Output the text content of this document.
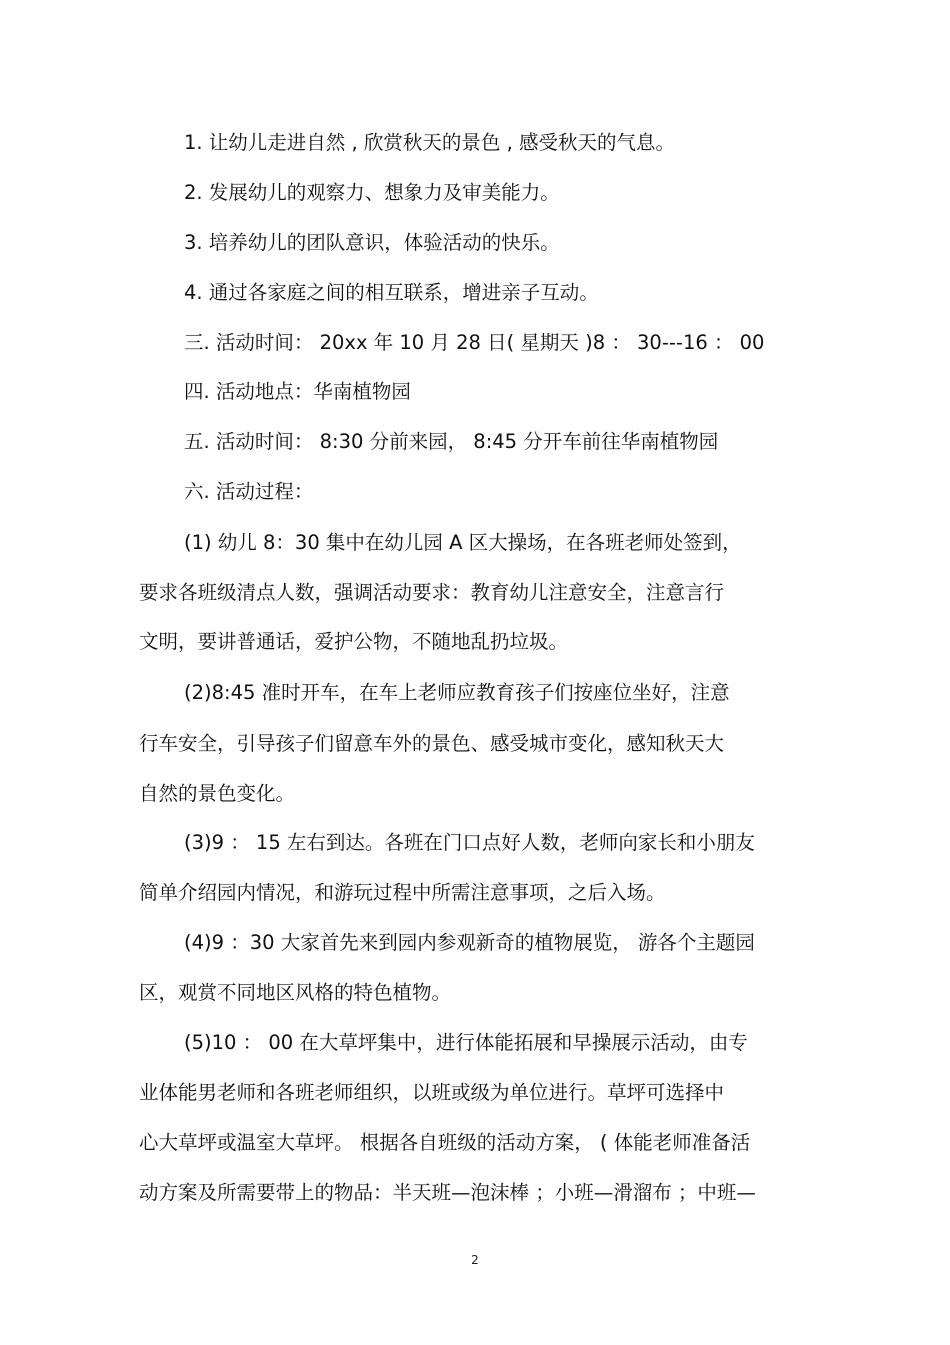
1. 让幼儿走进自然 , 欣赏秋天的景色 , 感受秋天的气息。
2. 发展幼儿的观察力、想象力及审美能力。
3. 培养幼儿的团队意识，体验活动的快乐。
4. 通过各家庭之间的相互联系，增进亲子互动。
三. 活动时间： 20xx 年 10 月 28 日( 星期天 )8 ： 30---16 ： 00
四. 活动地点：华南植物园
五. 活动时间： 8:30 分前来园， 8:45 分开车前往华南植物园
六. 活动过程：
(1) 幼儿 8：30 集中在幼儿园 A 区大操场，在各班老师处签到，
要求各班级清点人数，强调活动要求：教育幼儿注意安全，注意言行
文明，要讲普通话，爱护公物，不随地乱扔垃圾。
(2)8:45 准时开车，在车上老师应教育孩子们按座位坐好，注意
行车安全，引导孩子们留意车外的景色、感受城市变化，感知秋天大
自然的景色变化。
(3)9 ： 15 左右到达。各班在门口点好人数，老师向家长和小朋友
简单介绍园内情况，和游玩过程中所需注意事项，之后入场。
(4)9 ：30 大家首先来到园内参观新奇的植物展览， 游各个主题园
区，观赏不同地区风格的特色植物。
(5)10 ： 00 在大草坪集中，进行体能拓展和早操展示活动，由专
业体能男老师和各班老师组织，以班或级为单位进行。草坪可选择中
心大草坪或温室大草坪。 根据各自班级的活动方案， ( 体能老师准备活
动方案及所需要带上的物品：半天班—泡沫棒 ；小班—滑溜布 ；中班—
2
